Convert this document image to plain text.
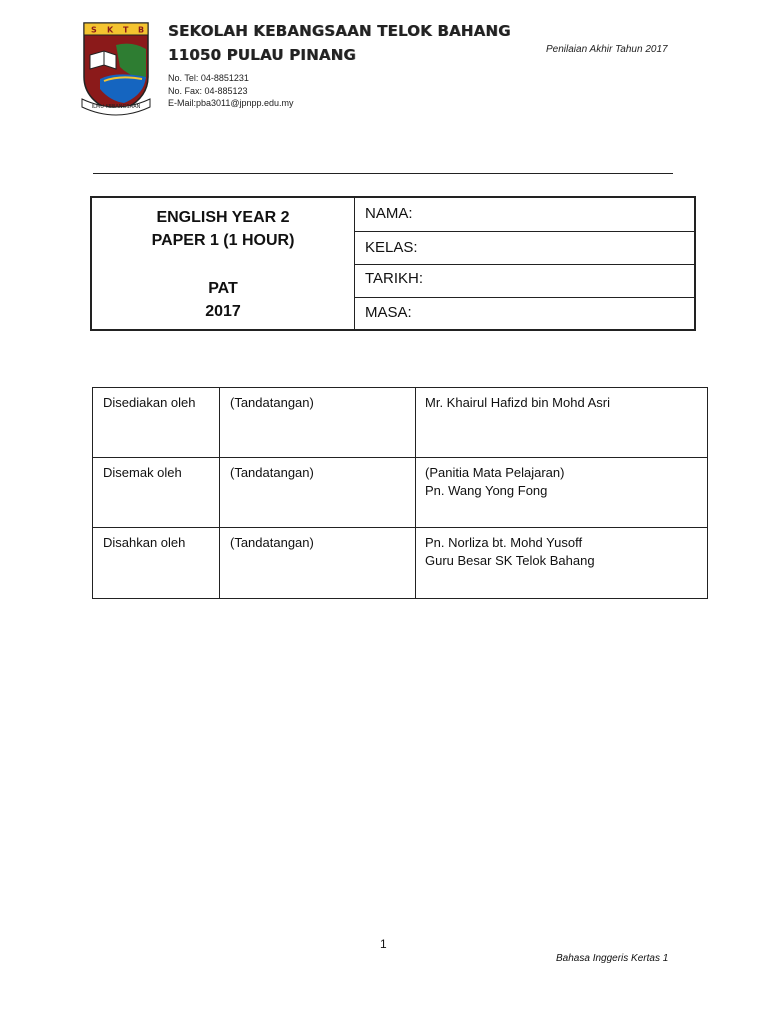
S K T B
ILMU KEBANGSAAN
SEKOLAH KEBANGSAAN TELOK BAHANG
11050 PULAU PINANG
No. Tel: 04-8851231
No. Fax: 04-885123
E-Mail:pba3011@jpnpp.edu.my
Penilaian Akhir Tahun 2017
ENGLISH YEAR 2
PAPER 1 (1 HOUR)
PAT
2017
NAMA:
KELAS:
TARIKH:
MASA:
Disediakan oleh	(Tandatangan)	Mr. Khairul Hafizd bin Mohd Asri
Disemak oleh	(Tandatangan)	(Panitia Mata Pelajaran)
Pn. Wang Yong Fong
Disahkan oleh	(Tandatangan)	Pn. Norliza bt. Mohd Yusoff
Guru Besar SK Telok Bahang
1
Bahasa Inggeris Kertas 1
